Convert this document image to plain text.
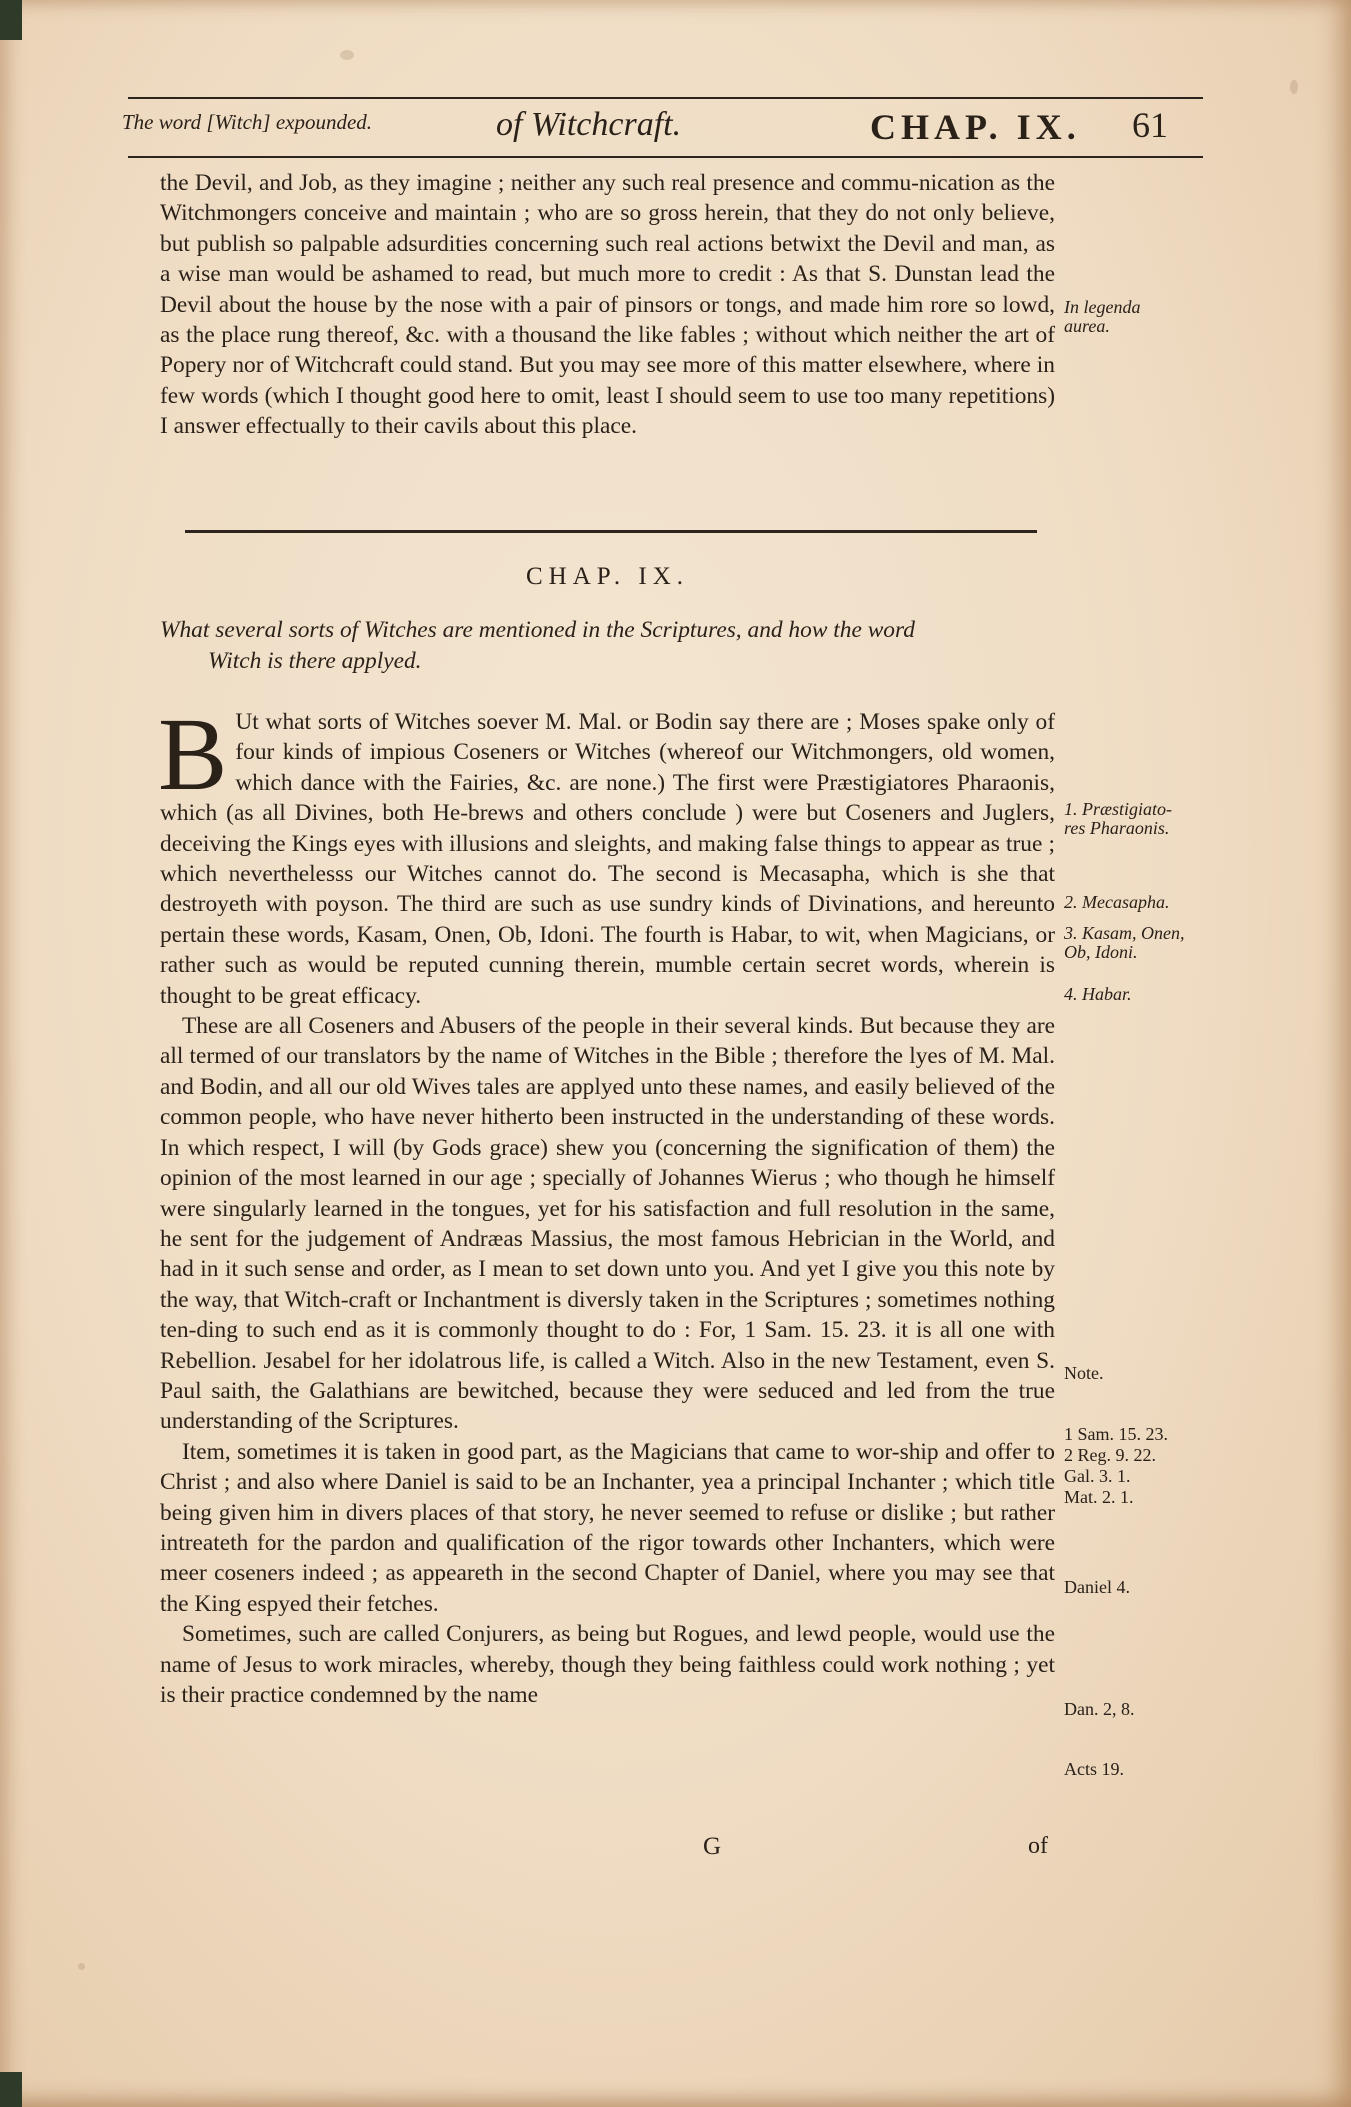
The word [Witch] expounded.	of Witchcraft.	CHAP. IX. 61

the Devil, and Job, as they imagine ; neither any such real presence and commu-nication as the Witchmongers conceive and maintain ; who are so gross herein, that they do not only believe, but publish so palpable adsurdities concerning such real actions betwixt the Devil and man, as a wise man would be ashamed to read, but much more to credit : As that S. Dunstan lead the Devil about the house by the nose with a pair of pinsors or tongs, and made him rore so lowd, as the place rung thereof, &c. with a thousand the like fables ; without which neither the art of Popery nor of Witchcraft could stand. But you may see more of this matter elsewhere, where in few words (which I thought good here to omit, least I should seem to use too many repetitions) I answer effectually to their cavils about this place.

CHAP. IX.
What several sorts of Witches are mentioned in the Scriptures, and how the word
Witch is there applyed.

B Ut what sorts of Witches soever M. Mal. or Bodin say there are ; Moses spake only of four kinds of impious Coseners or Witches (whereof our Witchmongers, old women, which dance with the Fairies, &c. are none.) The first were Præstigiatores Pharaonis, which (as all Divines, both He-brews and others conclude ) were but Coseners and Juglers, deceiving the Kings eyes with illusions and sleights, and making false things to appear as true ; which neverthelesss our Witches cannot do. The second is Mecasapha, which is she that destroyeth with poyson. The third are such as use sundry kinds of Divinations, and hereunto pertain these words, Kasam, Onen, Ob, Idoni. The fourth is Habar, to wit, when Magicians, or rather such as would be reputed cunning therein, mumble certain secret words, wherein is thought to be great efficacy.

These are all Coseners and Abusers of the people in their several kinds. But because they are all termed of our translators by the name of Witches in the Bible ; therefore the lyes of M. Mal. and Bodin, and all our old Wives tales are applyed unto these names, and easily believed of the common people, who have never hitherto been instructed in the understanding of these words. In which respect, I will (by Gods grace) shew you (concerning the signification of them) the opinion of the most learned in our age ; specially of Johannes Wierus ; who though he himself were singularly learned in the tongues, yet for his satisfaction and full resolution in the same, he sent for the judgement of Andræas Massius, the most famous Hebrician in the World, and had in it such sense and order, as I mean to set down unto you. And yet I give you this note by the way, that Witch-craft or Inchantment is diversly taken in the Scriptures ; sometimes nothing ten-ding to such end as it is commonly thought to do : For, 1 Sam. 15. 23. it is all one with Rebellion. Jesabel for her idolatrous life, is called a Witch. Also in the new Testament, even S. Paul saith, the Galathians are bewitched, because they were seduced and led from the true understanding of the Scriptures.

Item, sometimes it is taken in good part, as the Magicians that came to wor-ship and offer to Christ ; and also where Daniel is said to be an Inchanter, yea a principal Inchanter ; which title being given him in divers places of that story, he never seemed to refuse or dislike ; but rather intreateth for the pardon and qualification of the rigor towards other Inchanters, which were meer coseners indeed ; as appeareth in the second Chapter of Daniel, where you may see that the King espyed their fetches.

Sometimes, such are called Conjurers, as being but Rogues, and lewd people, would use the name of Jesus to work miracles, whereby, though they being faithless could work nothing ; yet is their practice condemned by the name

In legenda aurea.
1. Præstigiato-res Pharaonis.
2. Mecasapha.
3. Kasam, Onen, Ob, Idoni.
4. Habar.
Note.
1 Sam. 15. 23.
2 Reg. 9. 22.
Gal. 3. 1.
Mat. 2. 1.
Daniel 4.
Dan. 2, 8.
Acts 19.
G	of
